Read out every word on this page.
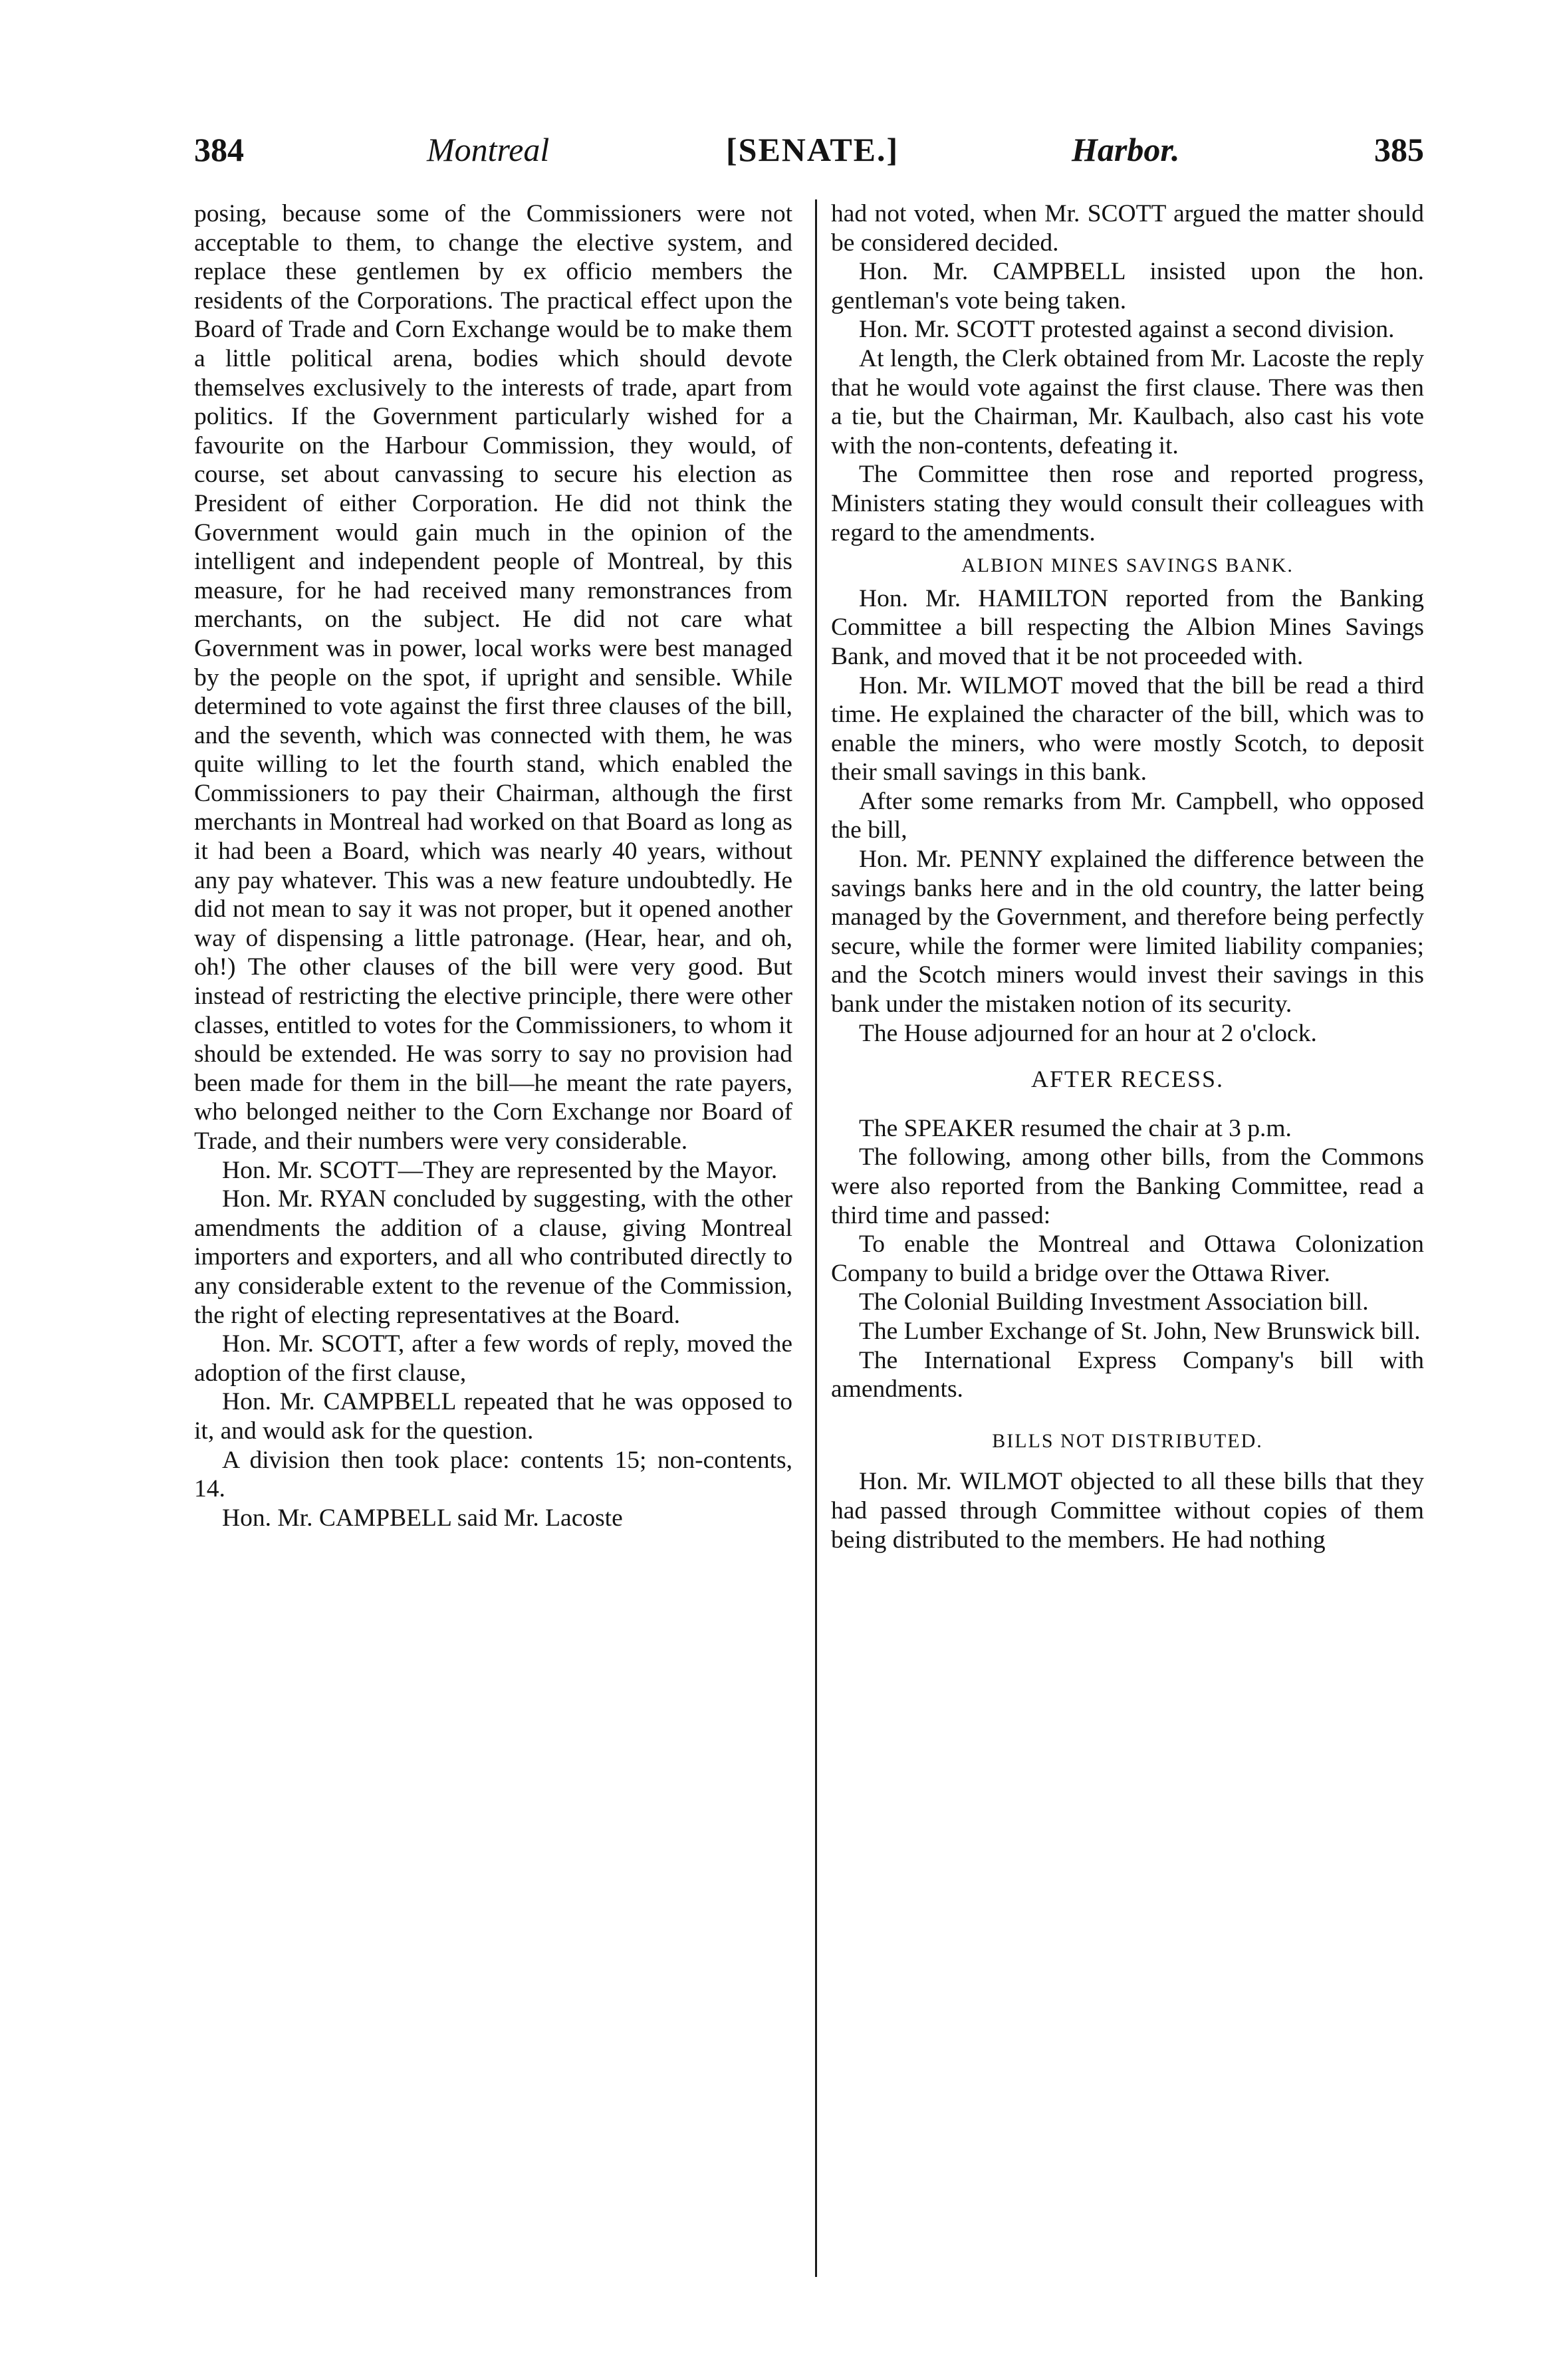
384	Montreal	[SENATE.]	Harbor.	385

posing, because some of the Commissioners were not acceptable to them, to change the elective system, and replace these gentlemen by ex officio members the residents of the Corporations. The practical effect upon the Board of Trade and Corn Exchange would be to make them a little political arena, bodies which should devote themselves exclusively to the interests of trade, apart from politics. If the Government particularly wished for a favourite on the Harbour Commission, they would, of course, set about canvassing to secure his election as President of either Corporation. He did not think the Government would gain much in the opinion of the intelligent and independent people of Montreal, by this measure, for he had received many remonstrances from merchants, on the subject. He did not care what Government was in power, local works were best managed by the people on the spot, if upright and sensible. While determined to vote against the first three clauses of the bill, and the seventh, which was connected with them, he was quite willing to let the fourth stand, which enabled the Commissioners to pay their Chairman, although the first merchants in Montreal had worked on that Board as long as it had been a Board, which was nearly 40 years, without any pay whatever. This was a new feature undoubtedly. He did not mean to say it was not proper, but it opened another way of dispensing a little patronage. (Hear, hear, and oh, oh!) The other clauses of the bill were very good. But instead of restricting the elective principle, there were other classes, entitled to votes for the Commissioners, to whom it should be extended. He was sorry to say no provision had been made for them in the bill—he meant the rate payers, who belonged neither to the Corn Exchange nor Board of Trade, and their numbers were very considerable.

Hon. Mr. SCOTT—They are represented by the Mayor.

Hon. Mr. RYAN concluded by suggesting, with the other amendments the addition of a clause, giving Montreal importers and exporters, and all who contributed directly to any considerable extent to the revenue of the Commission, the right of electing representatives at the Board.

Hon. Mr. SCOTT, after a few words of reply, moved the adoption of the first clause,

Hon. Mr. CAMPBELL repeated that he was opposed to it, and would ask for the question.

A division then took place: contents 15; non-contents, 14.

Hon. Mr. CAMPBELL said Mr. Lacoste

had not voted, when Mr. SCOTT argued the matter should be considered decided.

Hon. Mr. CAMPBELL insisted upon the hon. gentleman's vote being taken.

Hon. Mr. SCOTT protested against a second division.

At length, the Clerk obtained from Mr. Lacoste the reply that he would vote against the first clause. There was then a tie, but the Chairman, Mr. Kaulbach, also cast his vote with the non-contents, defeating it.

The Committee then rose and reported progress, Ministers stating they would consult their colleagues with regard to the amendments.

ALBION MINES SAVINGS BANK.

Hon. Mr. HAMILTON reported from the Banking Committee a bill respecting the Albion Mines Savings Bank, and moved that it be not proceeded with.

Hon. Mr. WILMOT moved that the bill be read a third time. He explained the character of the bill, which was to enable the miners, who were mostly Scotch, to deposit their small savings in this bank.

After some remarks from Mr. Campbell, who opposed the bill,

Hon. Mr. PENNY explained the difference between the savings banks here and in the old country, the latter being managed by the Government, and therefore being perfectly secure, while the former were limited liability companies; and the Scotch miners would invest their savings in this bank under the mistaken notion of its security.

The House adjourned for an hour at 2 o'clock.

AFTER RECESS.

The SPEAKER resumed the chair at 3 p.m.

The following, among other bills, from the Commons were also reported from the Banking Committee, read a third time and passed:

To enable the Montreal and Ottawa Colonization Company to build a bridge over the Ottawa River.

The Colonial Building Investment Association bill.

The Lumber Exchange of St. John, New Brunswick bill.

The International Express Company's bill with amendments.

BILLS NOT DISTRIBUTED.

Hon. Mr. WILMOT objected to all these bills that they had passed through Committee without copies of them being distributed to the members. He had nothing
